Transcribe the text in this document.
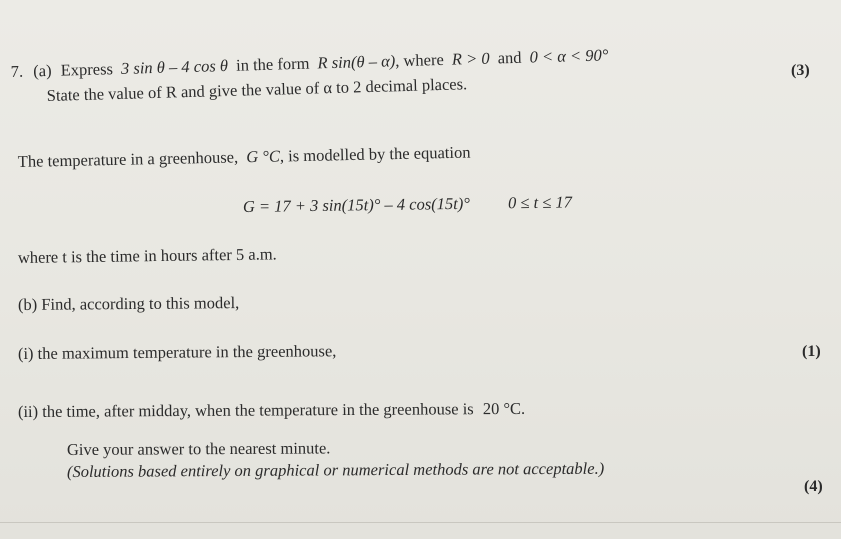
7. (a) Express 3 sin θ – 4 cos θ in the form R sin(θ – α), where R > 0 and 0 < α < 90°
State the value of R and give the value of α to 2 decimal places.
(3)
The temperature in a greenhouse, G °C, is modelled by the equation
G = 17 + 3 sin(15t)° – 4 cos(15t)° 0 ≤ t ≤ 17
where t is the time in hours after 5 a.m.
(b) Find, according to this model,
(i) the maximum temperature in the greenhouse,	(1)
(ii) the time, after midday, when the temperature in the greenhouse is 20 °C.
Give your answer to the nearest minute.
(Solutions based entirely on graphical or numerical methods are not acceptable.)
(4)
